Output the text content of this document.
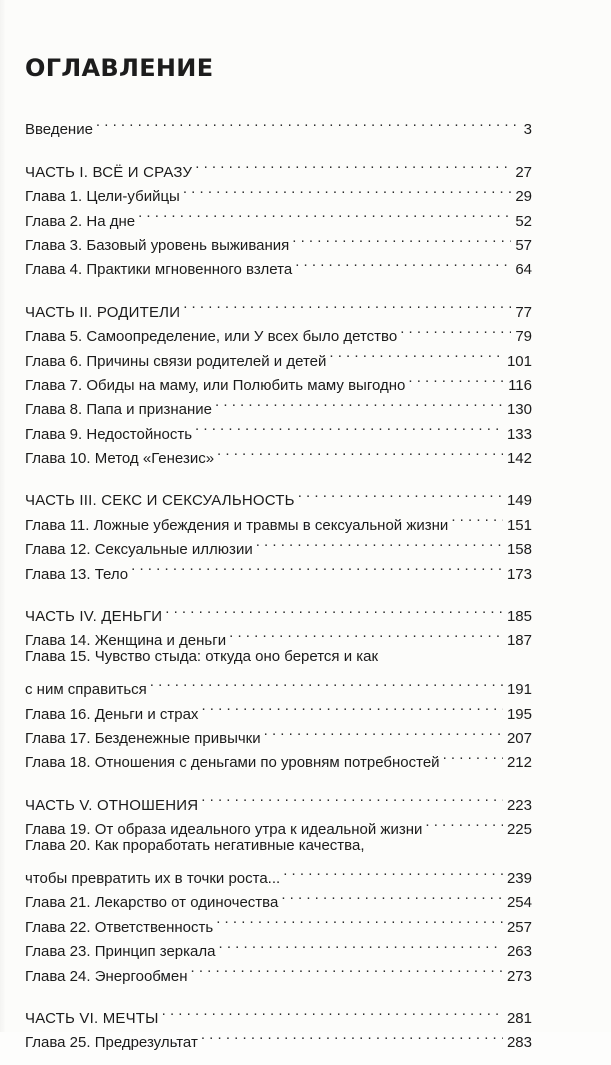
ОГЛАВЛЕНИЕ
Введение . . .	3
ЧАСТЬ I. ВСЁ И СРАЗУ . . .	27
Глава 1. Цели-убийцы . . .	29
Глава 2. На дне . . .	52
Глава 3. Базовый уровень выживания . . .	57
Глава 4. Практики мгновенного взлета . . .	64
ЧАСТЬ II. РОДИТЕЛИ . . .	77
Глава 5. Самоопределение, или У всех было детство . . .	79
Глава 6. Причины связи родителей и детей . . .	101
Глава 7. Обиды на маму, или Полюбить маму выгодно . . .	116
Глава 8. Папа и признание . . .	130
Глава 9. Недостойность . . .	133
Глава 10. Метод «Генезис» . . .	142
ЧАСТЬ III. СЕКС И СЕКСУАЛЬНОСТЬ . . .	149
Глава 11. Ложные убеждения и травмы в сексуальной жизни . . .	151
Глава 12. Сексуальные иллюзии . . .	158
Глава 13. Тело . . .	173
ЧАСТЬ IV. ДЕНЬГИ . . .	185
Глава 14. Женщина и деньги . . .	187
Глава 15. Чувство стыда: откуда оно берется и как
с ним справиться . . .	191
Глава 16. Деньги и страх . . .	195
Глава 17. Безденежные привычки . . .	207
Глава 18. Отношения с деньгами по уровням потребностей . . .	212
ЧАСТЬ V. ОТНОШЕНИЯ . . .	223
Глава 19. От образа идеального утра к идеальной жизни . . .	225
Глава 20. Как проработать негативные качества,
чтобы превратить их в точки роста... . . .	239
Глава 21. Лекарство от одиночества . . .	254
Глава 22. Ответственность . . .	257
Глава 23. Принцип зеркала . . .	263
Глава 24. Энергообмен . . .	273
ЧАСТЬ VI. МЕЧТЫ . . .	281
Глава 25. Предрезультат . . .	283
